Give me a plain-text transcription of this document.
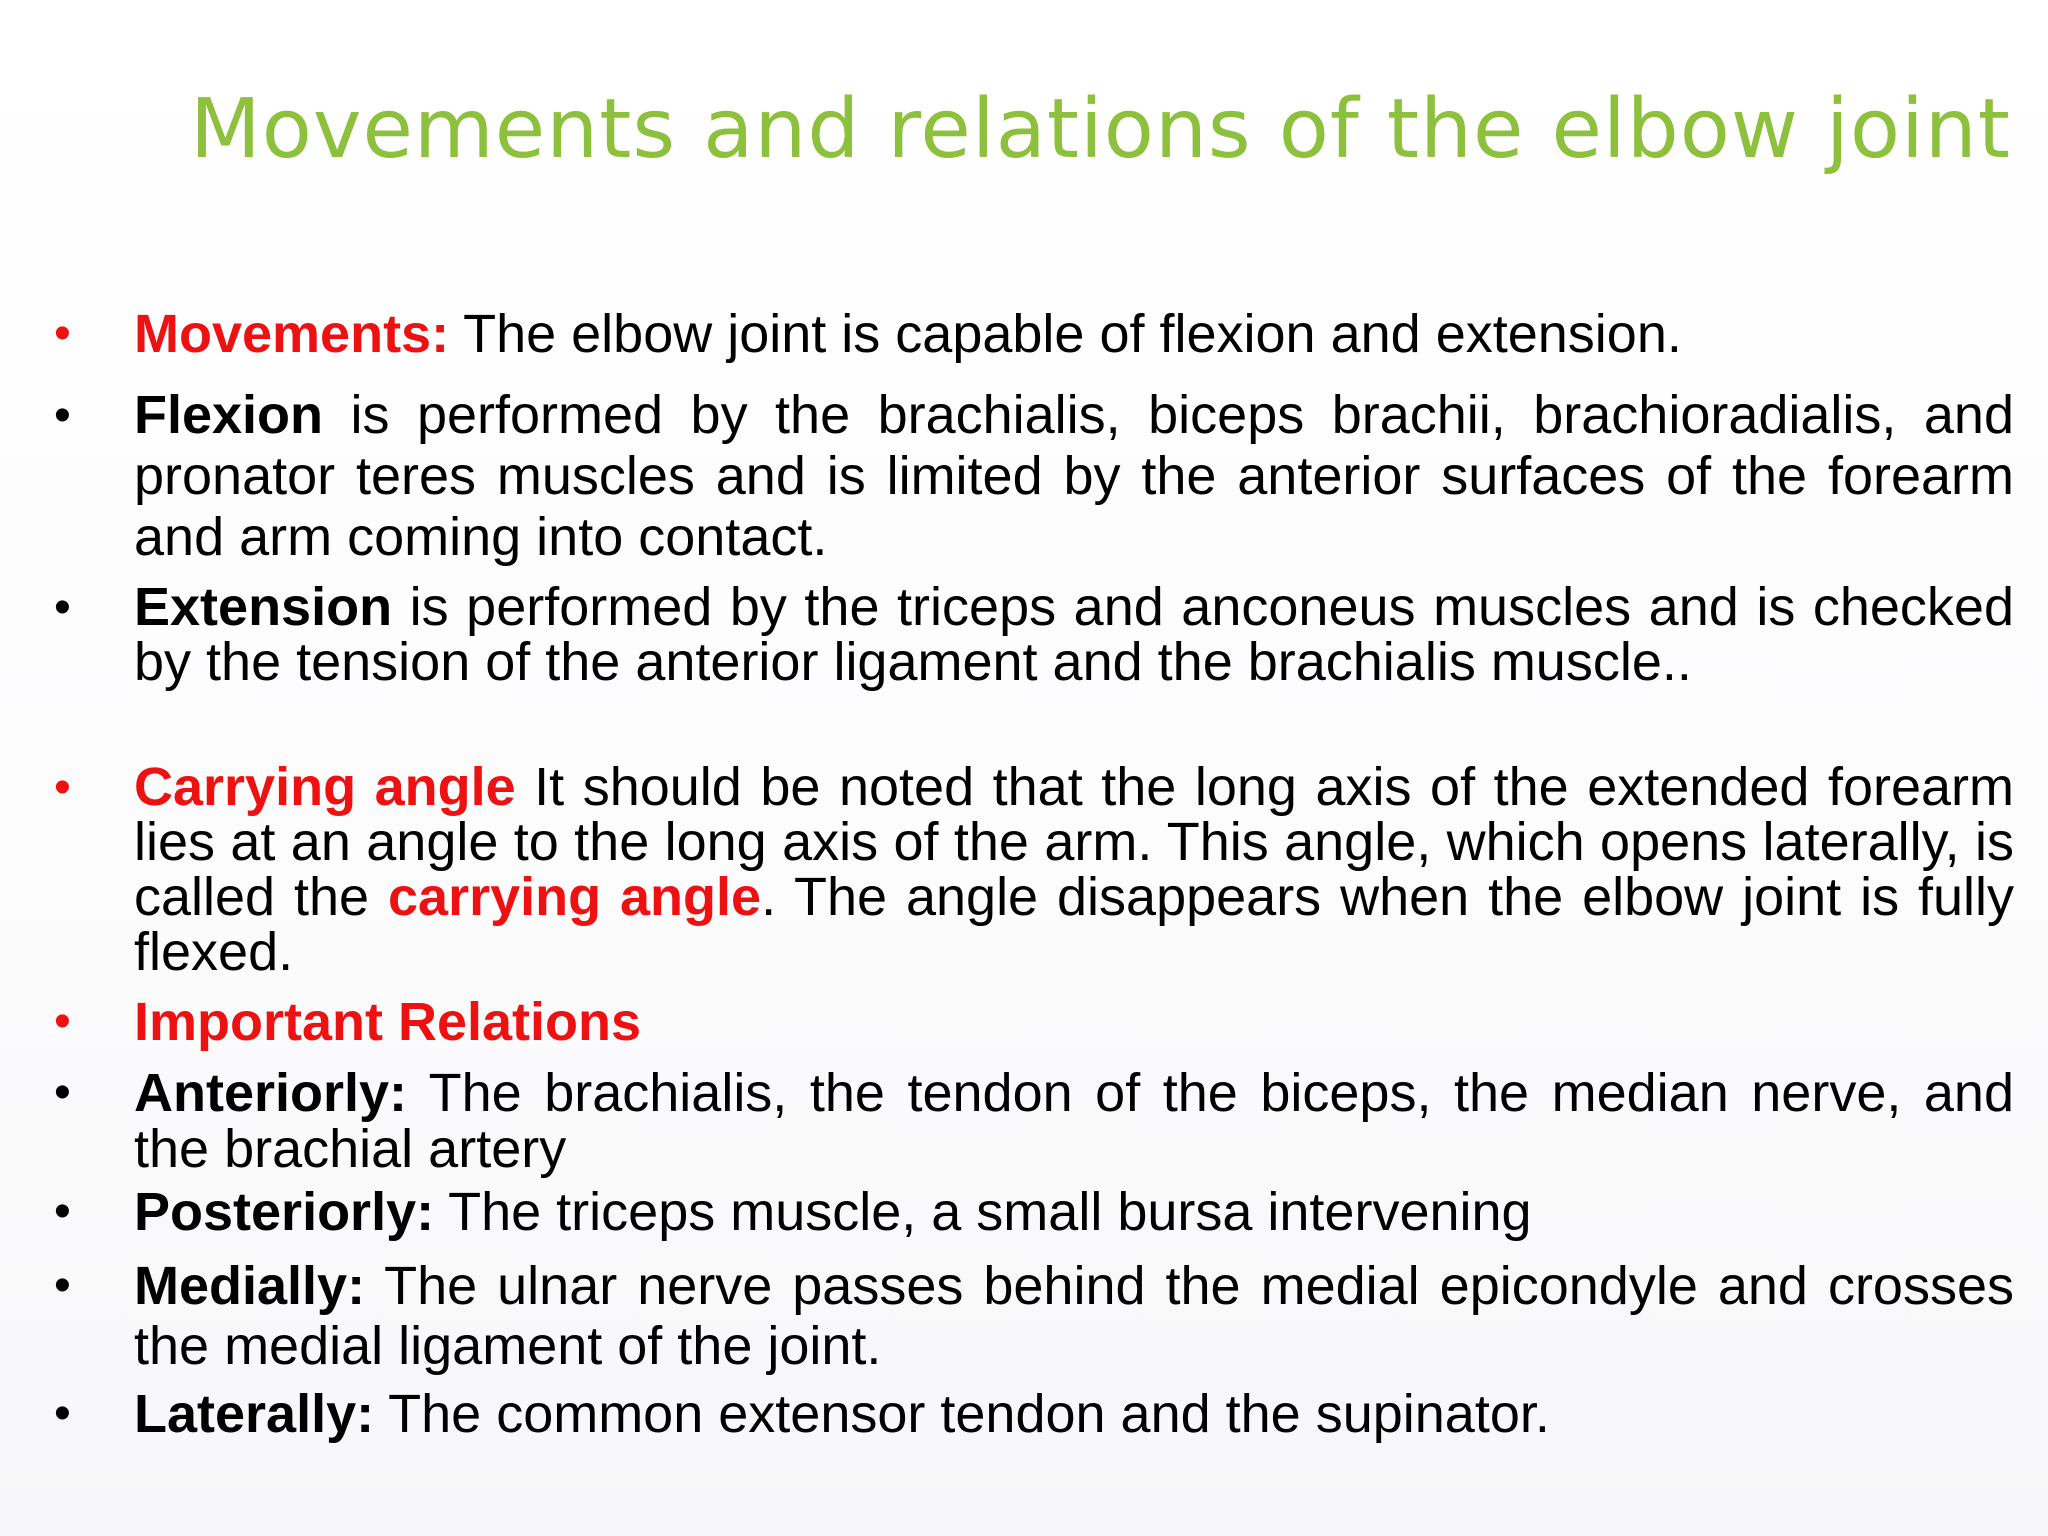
Movements and relations of the elbow joint
•	Movements: The elbow joint is capable of flexion and extension.
•	Flexion is performed by the brachialis, biceps brachii, brachioradialis, and pronator teres muscles and is limited by the anterior surfaces of the forearm and arm coming into contact.
•	Extension is performed by the triceps and anconeus muscles and is checked by the tension of the anterior ligament and the brachialis muscle..
•	Carrying angle It should be noted that the long axis of the extended forearm lies at an angle to the long axis of the arm. This angle, which opens laterally, is called the carrying angle. The angle disappears when the elbow joint is fully flexed.
•	Important Relations
•	Anteriorly: The brachialis, the tendon of the biceps, the median nerve, and the brachial artery
•	Posteriorly: The triceps muscle, a small bursa intervening
•	Medially: The ulnar nerve passes behind the medial epicondyle and crosses the medial ligament of the joint.
•	Laterally: The common extensor tendon and the supinator.
